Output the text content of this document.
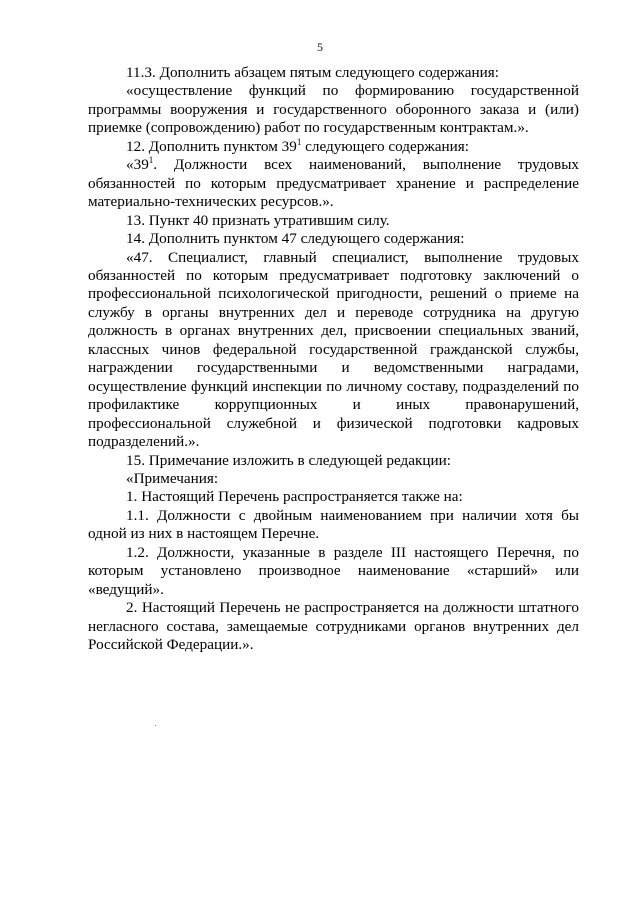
5

11.3. Дополнить абзацем пятым следующего содержания:

«осуществление функций по формированию государственной программы вооружения и государственного оборонного заказа и (или) приемке (сопровождению) работ по государственным контрактам.».

12. Дополнить пунктом $39^1$ следующего содержания:

«$39^1$. Должности всех наименований, выполнение трудовых обязанностей по которым предусматривает хранение и распределение материально-технических ресурсов.».

13. Пункт 40 признать утратившим силу.

14. Дополнить пунктом 47 следующего содержания:

«47. Специалист, главный специалист, выполнение трудовых обязанностей по которым предусматривает подготовку заключений о профессиональной психологической пригодности, решений о приеме на службу в органы внутренних дел и переводе сотрудника на другую должность в органах внутренних дел, присвоении специальных званий, классных чинов федеральной государственной гражданской службы, награждении государственными и ведомственными наградами, осуществление функций инспекции по личному составу, подразделений по профилактике коррупционных и иных правонарушений, профессиональной служебной и физической подготовки кадровых подразделений.».

15. Примечание изложить в следующей редакции:

«Примечания:

1. Настоящий Перечень распространяется также на:

1.1. Должности с двойным наименованием при наличии хотя бы одной из них в настоящем Перечне.

1.2. Должности, указанные в разделе III настоящего Перечня, по которым установлено производное наименование «старший» или «ведущий».

2. Настоящий Перечень не распространяется на должности штатного негласного состава, замещаемые сотрудниками органов внутренних дел Российской Федерации.».
